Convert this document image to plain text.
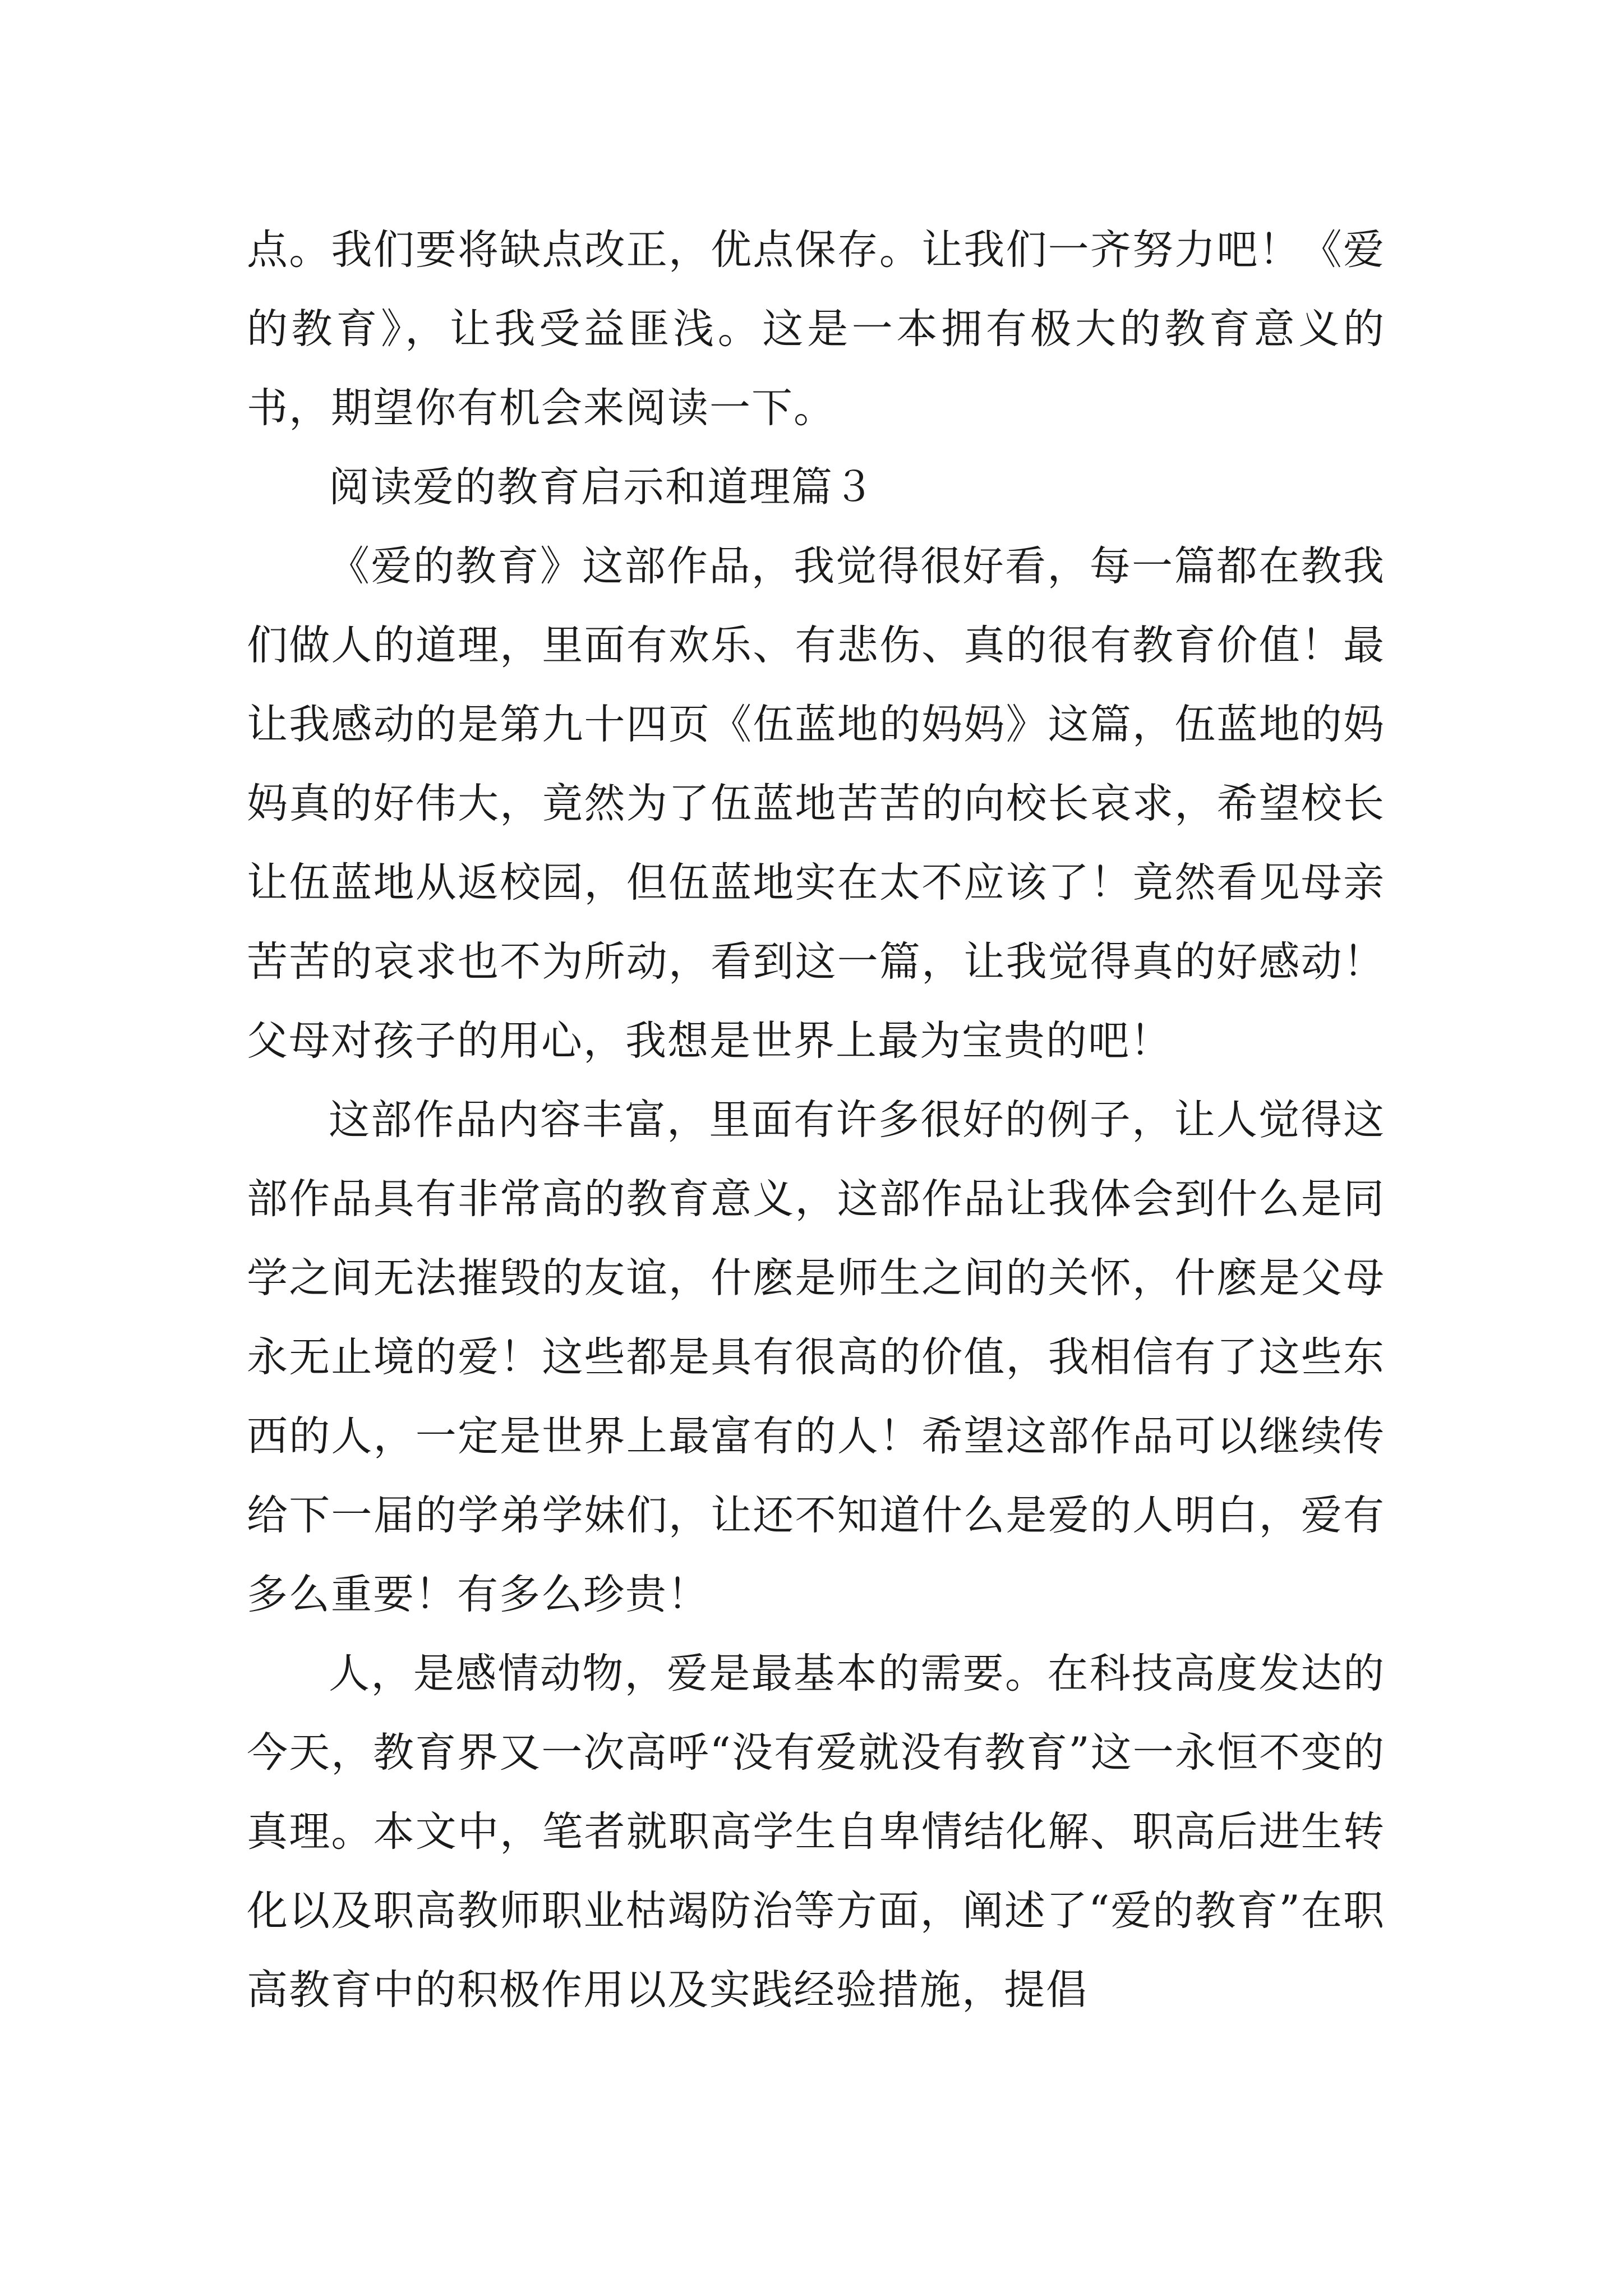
点。我们要将缺点改正，优点保存。让我们一齐努力吧！《爱的教育》，让我受益匪浅。这是一本拥有极大的教育意义的书，期望你有机会来阅读一下。

阅读爱的教育启示和道理篇３

《爱的教育》这部作品，我觉得很好看，每一篇都在教我们做人的道理，里面有欢乐、有悲伤、真的很有教育价值！最让我感动的是第九十四页《伍蓝地的妈妈》这篇，伍蓝地的妈妈真的好伟大，竟然为了伍蓝地苦苦的向校长哀求，希望校长让伍蓝地从返校园，但伍蓝地实在太不应该了！竟然看见母亲苦苦的哀求也不为所动，看到这一篇，让我觉得真的好感动！父母对孩子的用心，我想是世界上最为宝贵的吧！

这部作品内容丰富，里面有许多很好的例子，让人觉得这部作品具有非常高的教育意义，这部作品让我体会到什么是同学之间无法摧毁的友谊，什麽是师生之间的关怀，什麽是父母永无止境的爱！这些都是具有很高的价值，我相信有了这些东西的人，一定是世界上最富有的人！希望这部作品可以继续传给下一届的学弟学妹们，让还不知道什么是爱的人明白，爱有多么重要！有多么珍贵！

人，是感情动物，爱是最基本的需要。在科技高度发达的今天，教育界又一次高呼“没有爱就没有教育”这一永恒不变的真理。本文中，笔者就职高学生自卑情结化解、职高后进生转化以及职高教师职业枯竭防治等方面，阐述了“爱的教育”在职高教育中的积极作用以及实践经验措施，提倡
